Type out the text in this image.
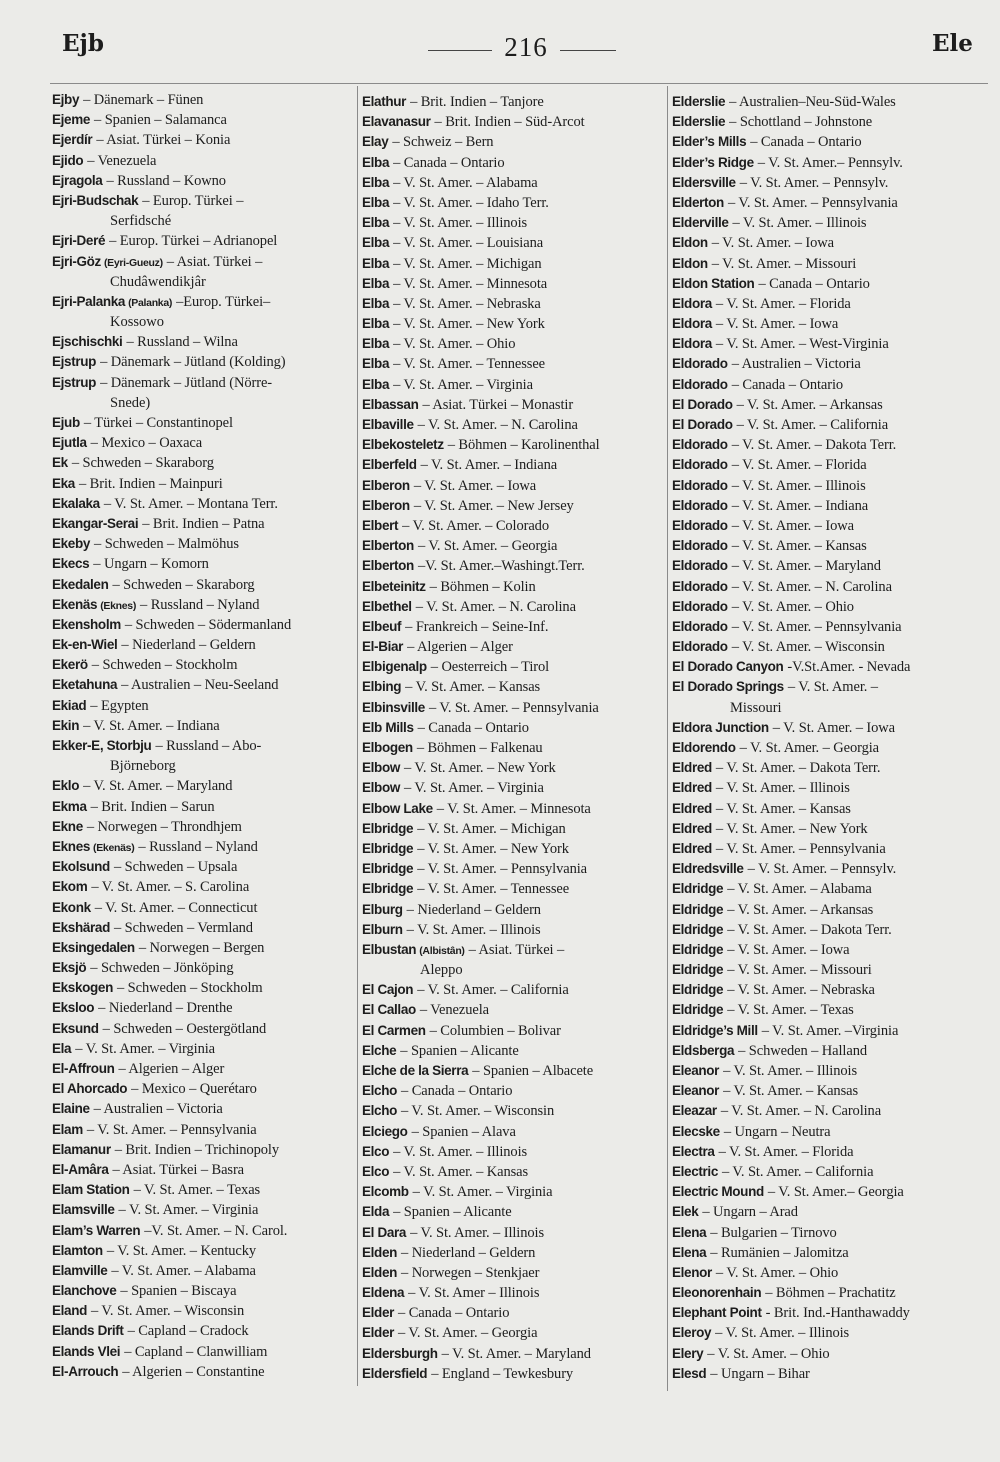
Ejb	216	Ele
Ejby – Dänemark – Fünen
Ejeme – Spanien – Salamanca
Ejerdír – Asiat. Türkei – Konia
Ejido – Venezuela
Ejragola – Russland – Kowno
Ejri-Budschak – Europ. Türkei –
Serfidsché
Ejri-Deré – Europ. Türkei – Adrianopel
Ejri-Göz (Eyri-Gueuz) – Asiat. Türkei –
Chudâwendikjâr
Ejri-Palanka (Palanka) –Europ. Türkei–
Kossowo
Ejschischki – Russland – Wilna
Ejstrup – Dänemark – Jütland (Kolding)
Ejstrup – Dänemark – Jütland (Nörre-
Snede)
Ejub – Türkei – Constantinopel
Ejutla – Mexico – Oaxaca
Ek – Schweden – Skaraborg
Eka – Brit. Indien – Mainpuri
Ekalaka – V. St. Amer. – Montana Terr.
Ekangar-Serai – Brit. Indien – Patna
Ekeby – Schweden – Malmöhus
Ekecs – Ungarn – Komorn
Ekedalen – Schweden – Skaraborg
Ekenäs (Eknes) – Russland – Nyland
Ekensholm – Schweden – Södermanland
Ek-en-Wiel – Niederland – Geldern
Ekerö – Schweden – Stockholm
Eketahuna – Australien – Neu-Seeland
Ekiad – Egypten
Ekin – V. St. Amer. – Indiana
Ekker-E, Storbju – Russland – Abo-
Björneborg
Eklo – V. St. Amer. – Maryland
Ekma – Brit. Indien – Sarun
Ekne – Norwegen – Throndhjem
Eknes (Ekenäs) – Russland – Nyland
Ekolsund – Schweden – Upsala
Ekom – V. St. Amer. – S. Carolina
Ekonk – V. St. Amer. – Connecticut
Ekshärad – Schweden – Vermland
Eksingedalen – Norwegen – Bergen
Eksjö – Schweden – Jönköping
Ekskogen – Schweden – Stockholm
Eksloo – Niederland – Drenthe
Eksund – Schweden – Oestergötland
Ela – V. St. Amer. – Virginia
El-Affroun – Algerien – Alger
El Ahorcado – Mexico – Querétaro
Elaine – Australien – Victoria
Elam – V. St. Amer. – Pennsylvania
Elamanur – Brit. Indien – Trichinopoly
El-Amâra – Asiat. Türkei – Basra
Elam Station – V. St. Amer. – Texas
Elamsville – V. St. Amer. – Virginia
Elam’s Warren –V. St. Amer. – N. Carol.
Elamton – V. St. Amer. – Kentucky
Elamville – V. St. Amer. – Alabama
Elanchove – Spanien – Biscaya
Eland – V. St. Amer. – Wisconsin
Elands Drift – Capland – Cradock
Elands Vlei – Capland – Clanwilliam
El-Arrouch – Algerien – Constantine
Elathur – Brit. Indien – Tanjore
Elavanasur – Brit. Indien – Süd-Arcot
Elay – Schweiz – Bern
Elba – Canada – Ontario
Elba – V. St. Amer. – Alabama
Elba – V. St. Amer. – Idaho Terr.
Elba – V. St. Amer. – Illinois
Elba – V. St. Amer. – Louisiana
Elba – V. St. Amer. – Michigan
Elba – V. St. Amer. – Minnesota
Elba – V. St. Amer. – Nebraska
Elba – V. St. Amer. – New York
Elba – V. St. Amer. – Ohio
Elba – V. St. Amer. – Tennessee
Elba – V. St. Amer. – Virginia
Elbassan – Asiat. Türkei – Monastir
Elbaville – V. St. Amer. – N. Carolina
Elbekosteletz – Böhmen – Karolinenthal
Elberfeld – V. St. Amer. – Indiana
Elberon – V. St. Amer. – Iowa
Elberon – V. St. Amer. – New Jersey
Elbert – V. St. Amer. – Colorado
Elberton – V. St. Amer. – Georgia
Elberton –V. St. Amer.–Washingt.Terr.
Elbeteinitz – Böhmen – Kolin
Elbethel – V. St. Amer. – N. Carolina
Elbeuf – Frankreich – Seine-Inf.
El-Biar – Algerien – Alger
Elbigenalp – Oesterreich – Tirol
Elbing – V. St. Amer. – Kansas
Elbinsville – V. St. Amer. – Pennsylvania
Elb Mills – Canada – Ontario
Elbogen – Böhmen – Falkenau
Elbow – V. St. Amer. – New York
Elbow – V. St. Amer. – Virginia
Elbow Lake – V. St. Amer. – Minnesota
Elbridge – V. St. Amer. – Michigan
Elbridge – V. St. Amer. – New York
Elbridge – V. St. Amer. – Pennsylvania
Elbridge – V. St. Amer. – Tennessee
Elburg – Niederland – Geldern
Elburn – V. St. Amer. – Illinois
Elbustan (Albistân) – Asiat. Türkei –
Aleppo
El Cajon – V. St. Amer. – California
El Callao – Venezuela
El Carmen – Columbien – Bolivar
Elche – Spanien – Alicante
Elche de la Sierra – Spanien – Albacete
Elcho – Canada – Ontario
Elcho – V. St. Amer. – Wisconsin
Elciego – Spanien – Alava
Elco – V. St. Amer. – Illinois
Elco – V. St. Amer. – Kansas
Elcomb – V. St. Amer. – Virginia
Elda – Spanien – Alicante
El Dara – V. St. Amer. – Illinois
Elden – Niederland – Geldern
Elden – Norwegen – Stenkjaer
Eldena – V. St. Amer – Illinois
Elder – Canada – Ontario
Elder – V. St. Amer. – Georgia
Eldersburgh – V. St. Amer. – Maryland
Eldersfield – England – Tewkesbury
Elderslie – Australien–Neu-Süd-Wales
Elderslie – Schottland – Johnstone
Elder’s Mills – Canada – Ontario
Elder’s Ridge – V. St. Amer.– Pennsylv.
Eldersville – V. St. Amer. – Pennsylv.
Elderton – V. St. Amer. – Pennsylvania
Elderville – V. St. Amer. – Illinois
Eldon – V. St. Amer. – Iowa
Eldon – V. St. Amer. – Missouri
Eldon Station – Canada – Ontario
Eldora – V. St. Amer. – Florida
Eldora – V. St. Amer. – Iowa
Eldora – V. St. Amer. – West-Virginia
Eldorado – Australien – Victoria
Eldorado – Canada – Ontario
El Dorado – V. St. Amer. – Arkansas
El Dorado – V. St. Amer. – California
Eldorado – V. St. Amer. – Dakota Terr.
Eldorado – V. St. Amer. – Florida
Eldorado – V. St. Amer. – Illinois
Eldorado – V. St. Amer. – Indiana
Eldorado – V. St. Amer. – Iowa
Eldorado – V. St. Amer. – Kansas
Eldorado – V. St. Amer. – Maryland
Eldorado – V. St. Amer. – N. Carolina
Eldorado – V. St. Amer. – Ohio
Eldorado – V. St. Amer. – Pennsylvania
Eldorado – V. St. Amer. – Wisconsin
El Dorado Canyon -V.St.Amer. - Nevada
El Dorado Springs – V. St. Amer. –
Missouri
Eldora Junction – V. St. Amer. – Iowa
Eldorendo – V. St. Amer. – Georgia
Eldred – V. St. Amer. – Dakota Terr.
Eldred – V. St. Amer. – Illinois
Eldred – V. St. Amer. – Kansas
Eldred – V. St. Amer. – New York
Eldred – V. St. Amer. – Pennsylvania
Eldredsville – V. St. Amer. – Pennsylv.
Eldridge – V. St. Amer. – Alabama
Eldridge – V. St. Amer. – Arkansas
Eldridge – V. St. Amer. – Dakota Terr.
Eldridge – V. St. Amer. – Iowa
Eldridge – V. St. Amer. – Missouri
Eldridge – V. St. Amer. – Nebraska
Eldridge – V. St. Amer. – Texas
Eldridge’s Mill – V. St. Amer. –Virginia
Eldsberga – Schweden – Halland
Eleanor – V. St. Amer. – Illinois
Eleanor – V. St. Amer. – Kansas
Eleazar – V. St. Amer. – N. Carolina
Elecske – Ungarn – Neutra
Electra – V. St. Amer. – Florida
Electric – V. St. Amer. – California
Electric Mound – V. St. Amer.– Georgia
Elek – Ungarn – Arad
Elena – Bulgarien – Tirnovo
Elena – Rumänien – Jalomitza
Elenor – V. St. Amer. – Ohio
Eleonorenhain – Böhmen – Prachatitz
Elephant Point - Brit. Ind.-Hanthawaddy
Eleroy – V. St. Amer. – Illinois
Elery – V. St. Amer. – Ohio
Elesd – Ungarn – Bihar
